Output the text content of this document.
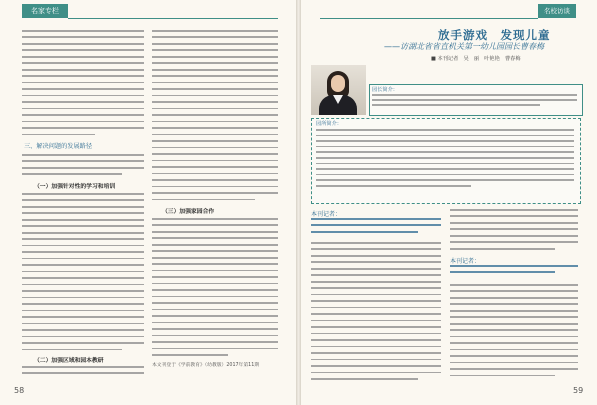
名家专栏
三、解决问题的发展路径
（一）加强针对性的学习和培训
（二）加强区域和园本教研
（三）加强家园合作
本文刊登于《学前教育》（幼教版）2017年第11期
58
名校访谈
放手游戏　发现儿童
——访湖北省省直机关第一幼儿园园长曹春梅
■ 本刊记者　吴　丽　叶艳艳　曹春梅
园长简介：
园所简介：
本刊记者：
本刊记者：
59
